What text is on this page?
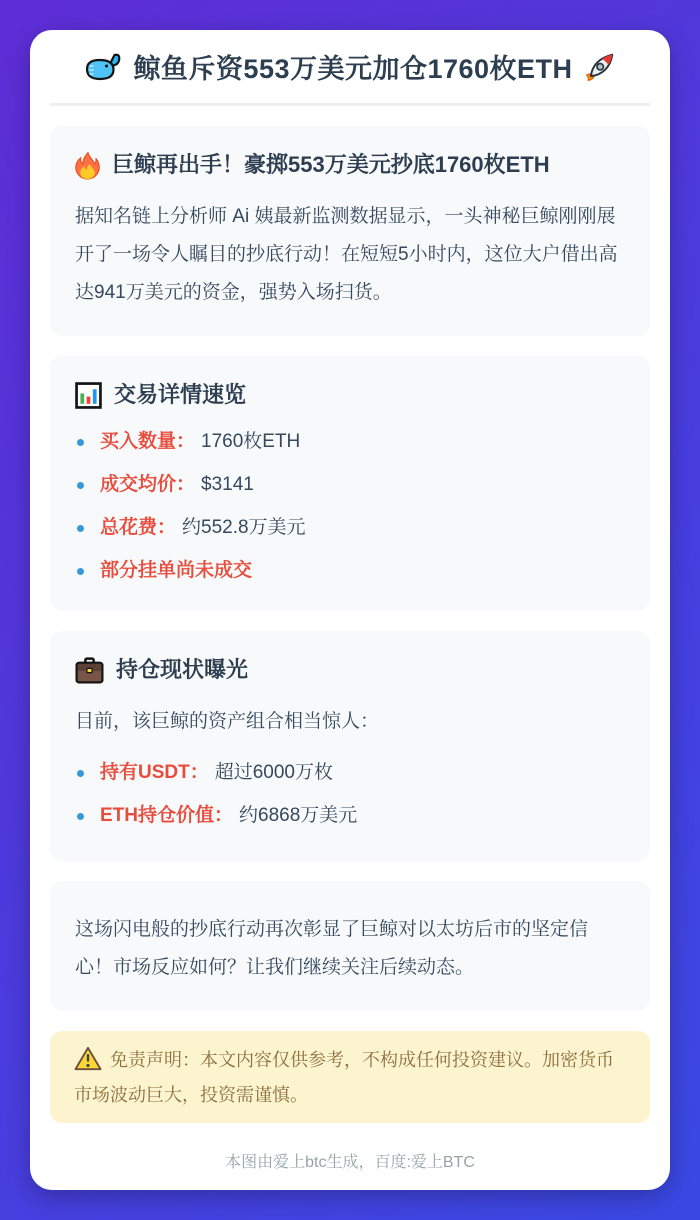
鲸鱼斥资553万美元加仓1760枚ETH
巨鲸再出手！豪掷553万美元抄底1760枚ETH

据知名链上分析师 Ai 姨最新监测数据显示，一头神秘巨鲸刚刚展开了一场令人瞩目的抄底行动！在短短5小时内，这位大户借出高达941万美元的资金，强势入场扫货。

交易详情速览
买入数量： 1760枚ETH
成交均价： $3141
总花费： 约552.8万美元
部分挂单尚未成交
持仓现状曝光

目前，该巨鲸的资产组合相当惊人：

持有USDT： 超过6000万枚
ETH持仓价值： 约6868万美元

这场闪电般的抄底行动再次彰显了巨鲸对以太坊后市的坚定信心！市场反应如何？让我们继续关注后续动态。

免责声明：本文内容仅供参考，不构成任何投资建议。加密货币市场波动巨大，投资需谨慎。
本图由爱上btc生成，百度:爱上BTC
